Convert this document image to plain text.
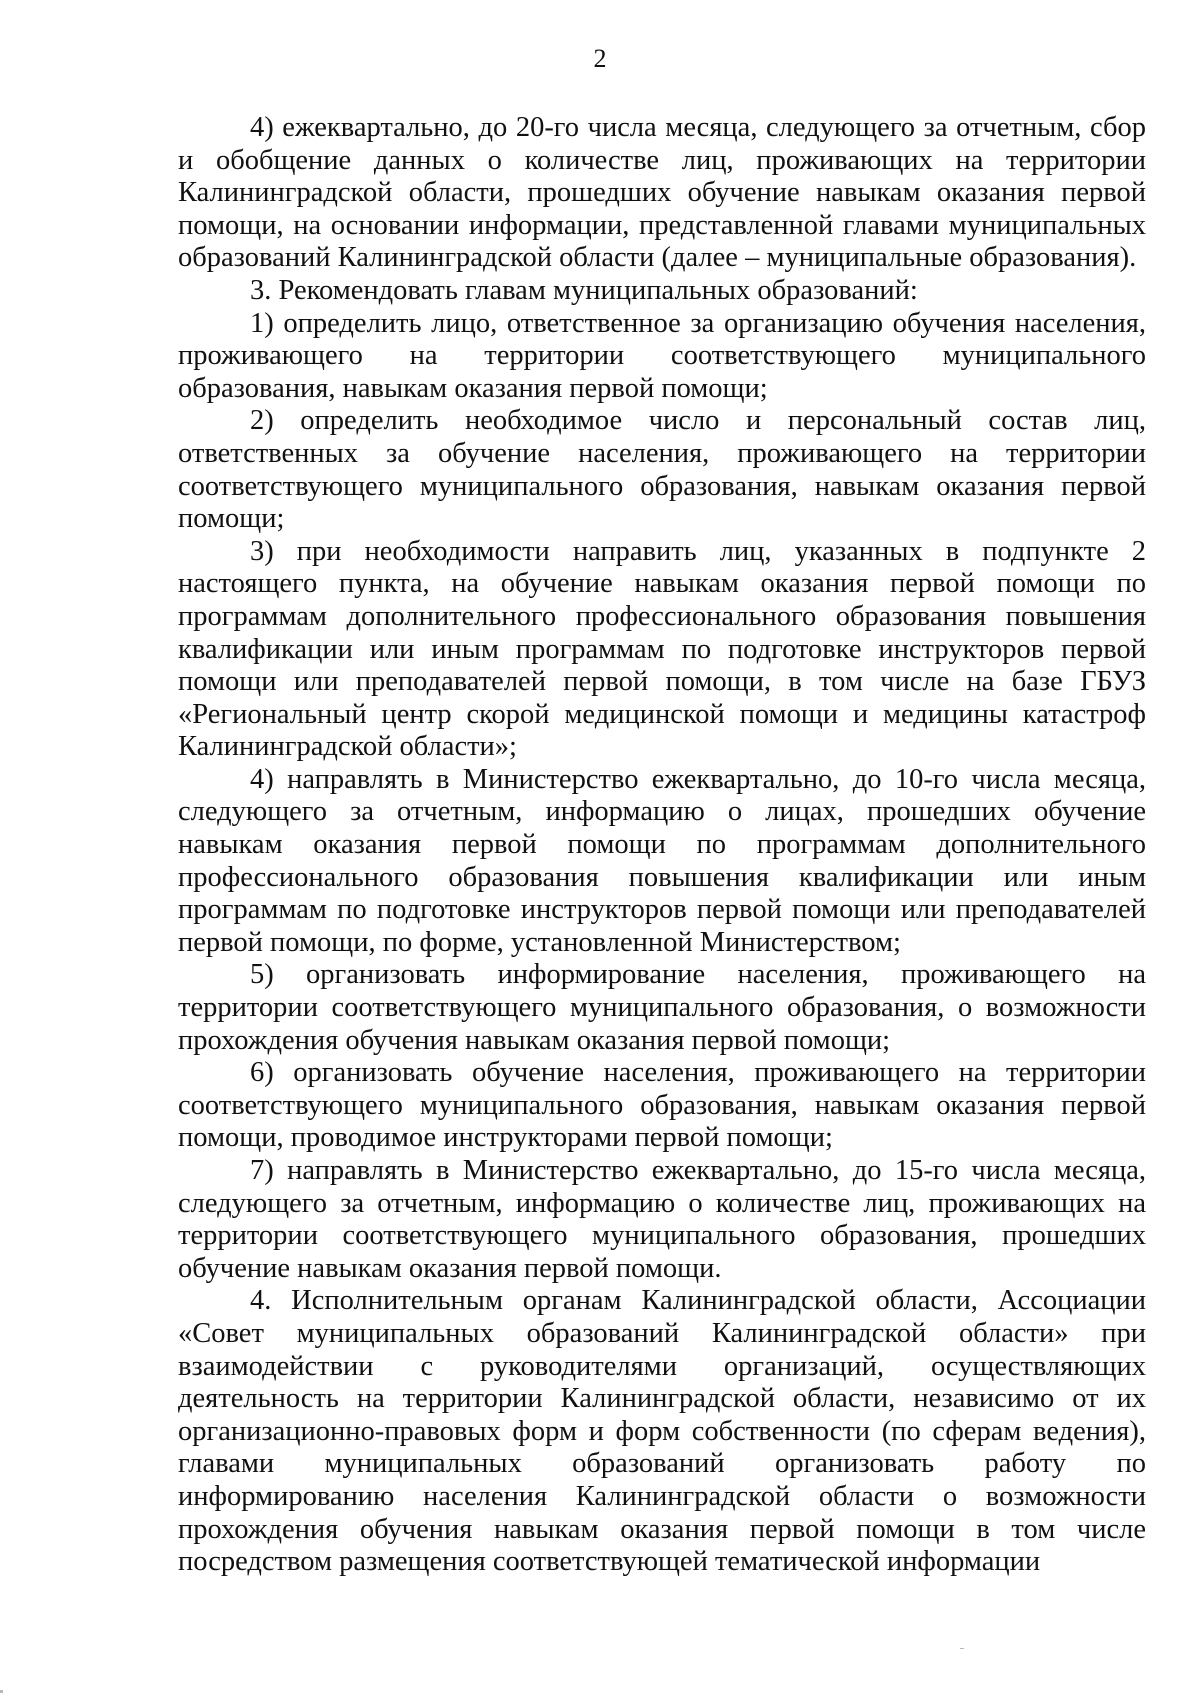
2

4) ежеквартально, до 20-го числа месяца, следующего за отчетным, сбор и обобщение данных о количестве лиц, проживающих на территории Калининградской области, прошедших обучение навыкам оказания первой помощи, на основании информации, представленной главами муниципальных образований Калининградской области (далее – муниципальные образования).

3. Рекомендовать главам муниципальных образований:

1) определить лицо, ответственное за организацию обучения населения, проживающего на территории соответствующего муниципального образования, навыкам оказания первой помощи;

2) определить необходимое число и персональный состав лиц, ответственных за обучение населения, проживающего на территории соответствующего муниципального образования, навыкам оказания первой помощи;

3) при необходимости направить лиц, указанных в подпункте 2 настоящего пункта, на обучение навыкам оказания первой помощи по программам дополнительного профессионального образования повышения квалификации или иным программам по подготовке инструкторов первой помощи или преподавателей первой помощи, в том числе на базе ГБУЗ «Региональный центр скорой медицинской помощи и медицины катастроф Калининградской области»;

4) направлять в Министерство ежеквартально, до 10-го числа месяца, следующего за отчетным, информацию о лицах, прошедших обучение навыкам оказания первой помощи по программам дополнительного профессионального образования повышения квалификации или иным программам по подготовке инструкторов первой помощи или преподавателей первой помощи, по форме, установленной Министерством;

5) организовать информирование населения, проживающего на территории соответствующего муниципального образования, о возможности прохождения обучения навыкам оказания первой помощи;

6) организовать обучение населения, проживающего на территории соответствующего муниципального образования, навыкам оказания первой помощи, проводимое инструкторами первой помощи;

7) направлять в Министерство ежеквартально, до 15-го числа месяца, следующего за отчетным, информацию о количестве лиц, проживающих на территории соответствующего муниципального образования, прошедших обучение навыкам оказания первой помощи.

4. Исполнительным органам Калининградской области, Ассоциации «Совет муниципальных образований Калининградской области» при взаимодействии с руководителями организаций, осуществляющих деятельность на территории Калининградской области, независимо от их организационно-правовых форм и форм собственности (по сферам ведения), главами муниципальных образований организовать работу по информированию населения Калининградской области о возможности прохождения обучения навыкам оказания первой помощи в том числе посредством размещения соответствующей тематической информации
